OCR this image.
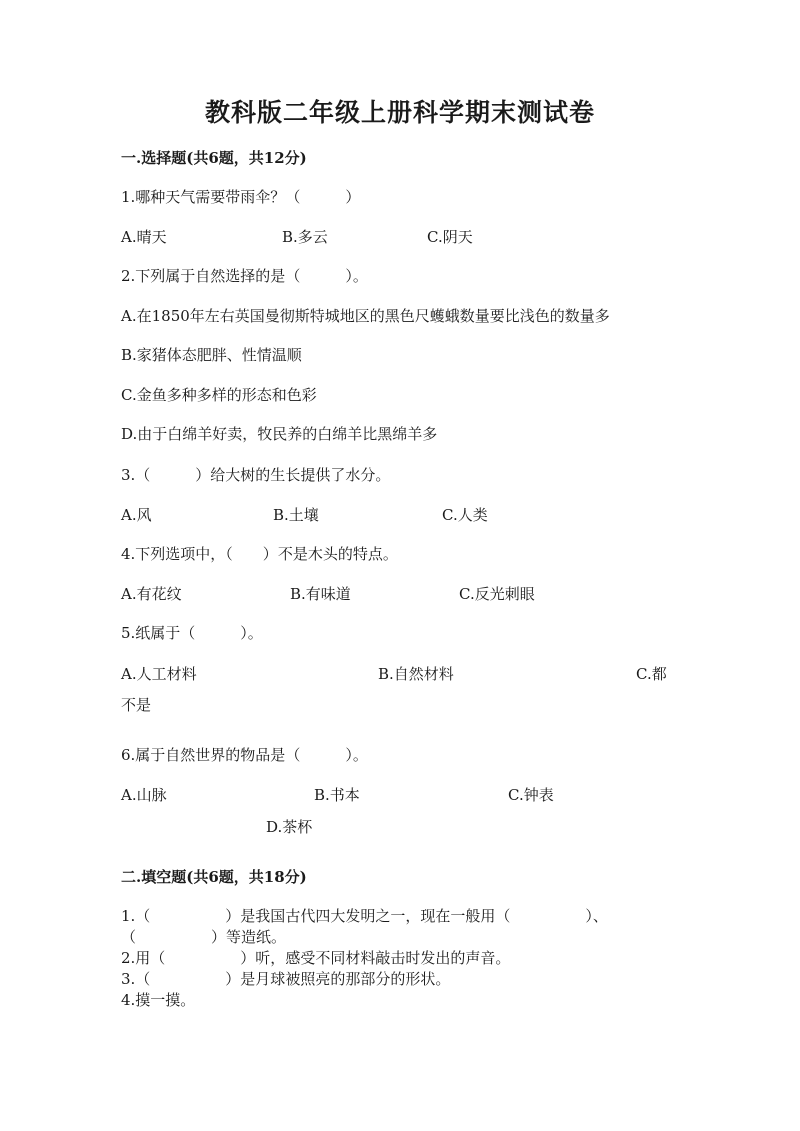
教科版二年级上册科学期末测试卷
一.选择题(共6题，共12分)
1.哪种天气需要带雨伞？（　　　）
A.晴天	B.多云	C.阴天
2.下列属于自然选择的是（　　　）。
A.在1850年左右英国曼彻斯特城地区的黑色尺蠖蛾数量要比浅色的数量多
B.家猪体态肥胖、性情温顺
C.金鱼多种多样的形态和色彩
D.由于白绵羊好卖，牧民养的白绵羊比黑绵羊多
3.（　　　）给大树的生长提供了水分。
A.风	B.土壤	C.人类
4.下列选项中，（　　）不是木头的特点。
A.有花纹	B.有味道	C.反光刺眼
5.纸属于（　　　）。
A.人工材料	B.自然材料	C.都
不是
6.属于自然世界的物品是（　　　）。
A.山脉	B.书本	C.钟表
D.茶杯
二.填空题(共6题，共18分)
1.（　　　　　）是我国古代四大发明之一，现在一般用（　　　　　）、
（　　　　　）等造纸。
2.用（　　　　　）听，感受不同材料敲击时发出的声音。
3.（　　　　　）是月球被照亮的那部分的形状。
4.摸一摸。
